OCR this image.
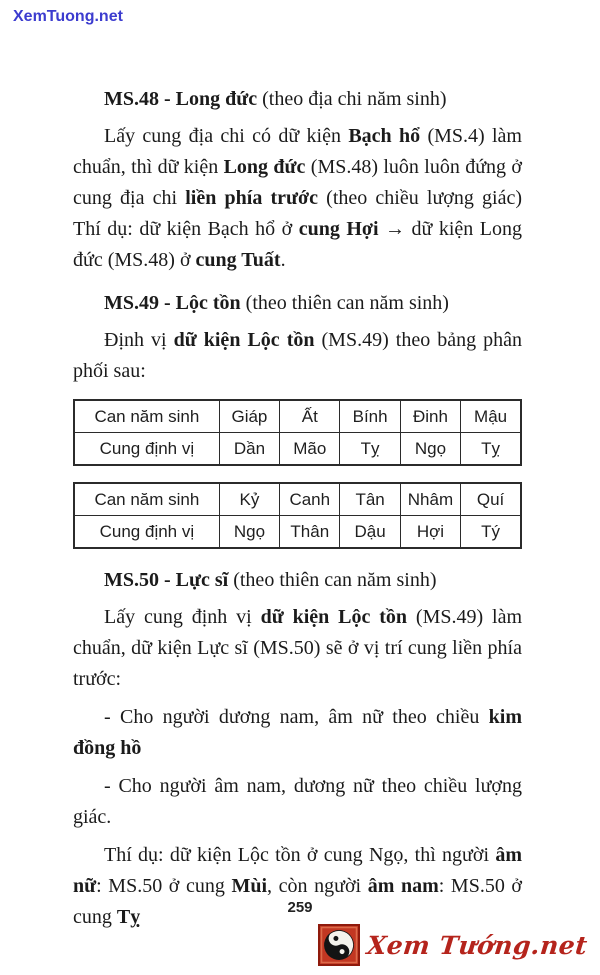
XemTuong.net

MS.48 - Long đức (theo địa chi năm sinh)

Lấy cung địa chi có dữ kiện Bạch hổ (MS.4) làm chuẩn, thì dữ kiện Long đức (MS.48) luôn luôn đứng ở cung địa chi liền phía trước (theo chiều lượng giác) Thí dụ: dữ kiện Bạch hổ ở cung Hợi → dữ kiện Long đức (MS.48) ở cung Tuất.

MS.49 - Lộc tồn (theo thiên can năm sinh)

Định vị dữ kiện Lộc tồn (MS.49) theo bảng phân phối sau:

Can năm sinh	Giáp	Ất	Bính	Đinh	Mậu
Cung định vị	Dần	Mão	Tỵ	Ngọ	Tỵ
Can năm sinh	Kỷ	Canh	Tân	Nhâm	Quí
Cung định vị	Ngọ	Thân	Dậu	Hợi	Tý

MS.50 - Lực sĩ (theo thiên can năm sinh)

Lấy cung định vị dữ kiện Lộc tồn (MS.49) làm chuẩn, dữ kiện Lực sĩ (MS.50) sẽ ở vị trí cung liền phía trước:

- Cho người dương nam, âm nữ theo chiều kim đồng hồ

- Cho người âm nam, dương nữ theo chiều lượng giác.

Thí dụ: dữ kiện Lộc tồn ở cung Ngọ, thì người âm nữ: MS.50 ở cung Mùi, còn người âm nam: MS.50 ở cung Tỵ	259
Xem Tướng.net
